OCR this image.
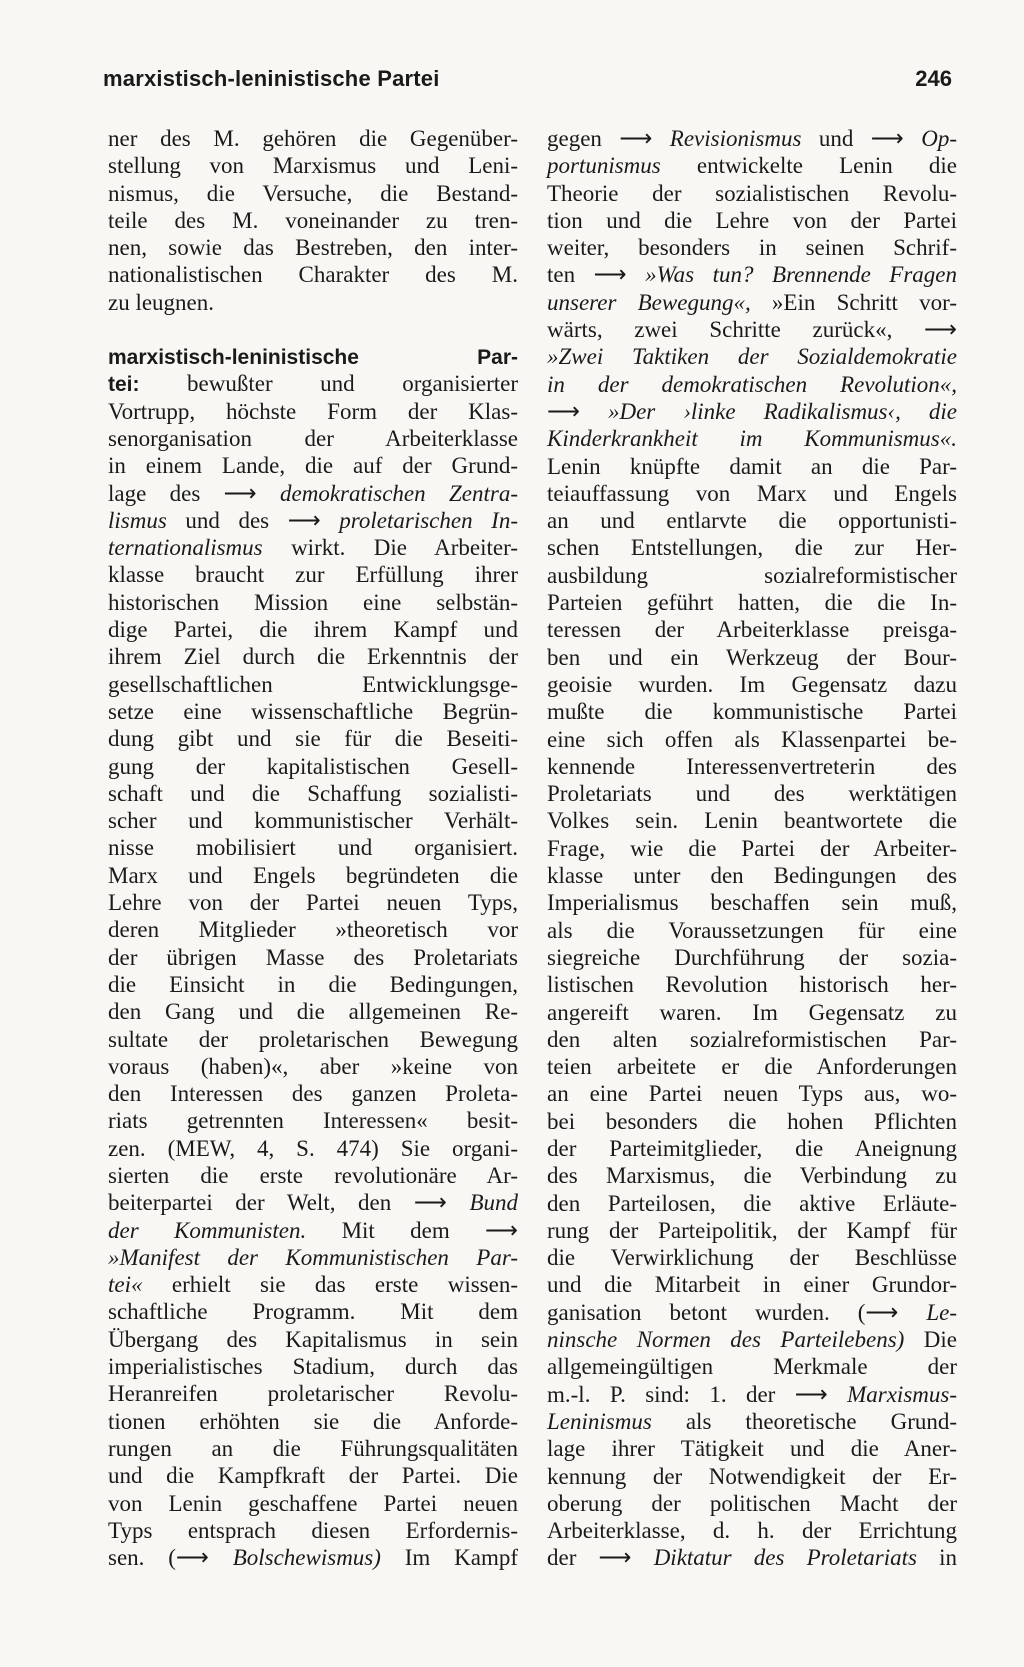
marxistisch-leninistische Partei	246
ner des M. gehören die Gegenüber-
stellung von Marxismus und Leni-
nismus, die Versuche, die Bestand-
teile des M. voneinander zu tren-
nen, sowie das Bestreben, den inter-
nationalistischen Charakter des M.
zu leugnen.
marxistisch-leninistische Par-
tei: bewußter und organisierter
Vortrupp, höchste Form der Klas-
senorganisation der Arbeiterklasse
in einem Lande, die auf der Grund-
lage des ⟶ demokratischen Zentra-
lismus und des ⟶ proletarischen In-
ternationalismus wirkt. Die Arbeiter-
klasse braucht zur Erfüllung ihrer
historischen Mission eine selbstän-
dige Partei, die ihrem Kampf und
ihrem Ziel durch die Erkenntnis der
gesellschaftlichen Entwicklungsge-
setze eine wissenschaftliche Begrün-
dung gibt und sie für die Beseiti-
gung der kapitalistischen Gesell-
schaft und die Schaffung sozialisti-
scher und kommunistischer Verhält-
nisse mobilisiert und organisiert.
Marx und Engels begründeten die
Lehre von der Partei neuen Typs,
deren Mitglieder »theoretisch vor
der übrigen Masse des Proletariats
die Einsicht in die Bedingungen,
den Gang und die allgemeinen Re-
sultate der proletarischen Bewegung
voraus (haben)«, aber »keine von
den Interessen des ganzen Proleta-
riats getrennten Interessen« besit-
zen. (MEW, 4, S. 474) Sie organi-
sierten die erste revolutionäre Ar-
beiterpartei der Welt, den ⟶ Bund
der Kommunisten. Mit dem ⟶
»Manifest der Kommunistischen Par-
tei« erhielt sie das erste wissen-
schaftliche Programm. Mit dem
Übergang des Kapitalismus in sein
imperialistisches Stadium, durch das
Heranreifen proletarischer Revolu-
tionen erhöhten sie die Anforde-
rungen an die Führungsqualitäten
und die Kampfkraft der Partei. Die
von Lenin geschaffene Partei neuen
Typs entsprach diesen Erfordernis-
sen. (⟶ Bolschewismus) Im Kampf
gegen ⟶ Revisionismus und ⟶ Op-
portunismus entwickelte Lenin die
Theorie der sozialistischen Revolu-
tion und die Lehre von der Partei
weiter, besonders in seinen Schrif-
ten ⟶ »Was tun? Brennende Fragen
unserer Bewegung«, »Ein Schritt vor-
wärts, zwei Schritte zurück«, ⟶
»Zwei Taktiken der Sozialdemokratie
in der demokratischen Revolution«,
⟶ »Der ›linke Radikalismus‹, die
Kinderkrankheit im Kommunismus«.
Lenin knüpfte damit an die Par-
teiauffassung von Marx und Engels
an und entlarvte die opportunisti-
schen Entstellungen, die zur Her-
ausbildung sozialreformistischer
Parteien geführt hatten, die die In-
teressen der Arbeiterklasse preisga-
ben und ein Werkzeug der Bour-
geoisie wurden. Im Gegensatz dazu
mußte die kommunistische Partei
eine sich offen als Klassenpartei be-
kennende Interessenvertreterin des
Proletariats und des werktätigen
Volkes sein. Lenin beantwortete die
Frage, wie die Partei der Arbeiter-
klasse unter den Bedingungen des
Imperialismus beschaffen sein muß,
als die Voraussetzungen für eine
siegreiche Durchführung der sozia-
listischen Revolution historisch her-
angereift waren. Im Gegensatz zu
den alten sozialreformistischen Par-
teien arbeitete er die Anforderungen
an eine Partei neuen Typs aus, wo-
bei besonders die hohen Pflichten
der Parteimitglieder, die Aneignung
des Marxismus, die Verbindung zu
den Parteilosen, die aktive Erläute-
rung der Parteipolitik, der Kampf für
die Verwirklichung der Beschlüsse
und die Mitarbeit in einer Grundor-
ganisation betont wurden. (⟶ Le-
ninsche Normen des Parteilebens) Die
allgemeingültigen Merkmale der
m.-l. P. sind: 1. der ⟶ Marxismus-
Leninismus als theoretische Grund-
lage ihrer Tätigkeit und die Aner-
kennung der Notwendigkeit der Er-
oberung der politischen Macht der
Arbeiterklasse, d. h. der Errichtung
der ⟶ Diktatur des Proletariats in
